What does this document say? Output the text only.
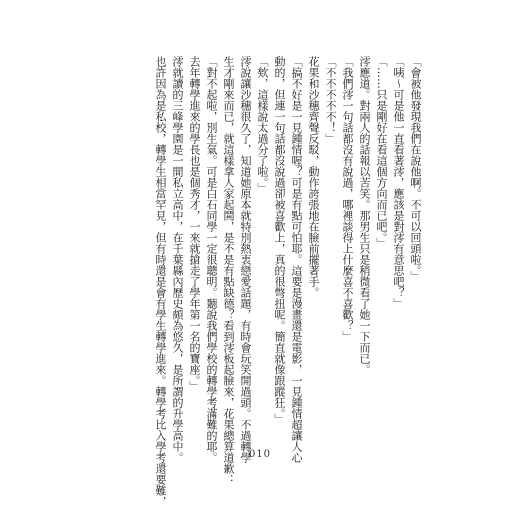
「會被他發現我們在說他啊。不可以回頭啦。」
「咦～可是他一直看著澪，應該是對澪有意思吧？」
「……只是剛好在看這個方向而已吧。」
澪應道。對兩人的話報以苦笑。那男生只是稍微看了她一下而已。
「我們澪一句話都沒有說過，哪裡談得上什麼喜不喜歡？」
「不不不不不！」
花果和沙穗齊聲反駁，動作誇張地在臉前擺著手。
「搞不好是一見鍾情喔？可是有點可怕耶。這要是漫畫還是電影，一見鍾情超讓人心
動的，但連一句話都沒說過卻被喜歡上，真的很彆扭呢。簡直就像跟蹤狂。」
「欸，這樣說太過分了啦。」
澪說讓沙穗很久了，知道她原本就特別熱衷戀愛話題，有時會玩笑開過頭。不過轉學
生才剛來而已，就這樣拿人家起鬨，是不是有點缺德？看到澪板起臉來，花果總算道歉：
「對不起啦，別生氣。可是白石同學一定很聰明。聽說我們學校的轉學考滿難的耶。
去年轉學進來的學長也是個秀才，一來就搶走了學年第一名的寶座。」
澪就讀的三峰學園是一間私立高中，在千葉縣內歷史頗為悠久，是所謂的升學高中。
也許因為是私校，轉學生相當罕見，但有時還是會有學生轉學進來。轉學考比入學考還要難，	010
